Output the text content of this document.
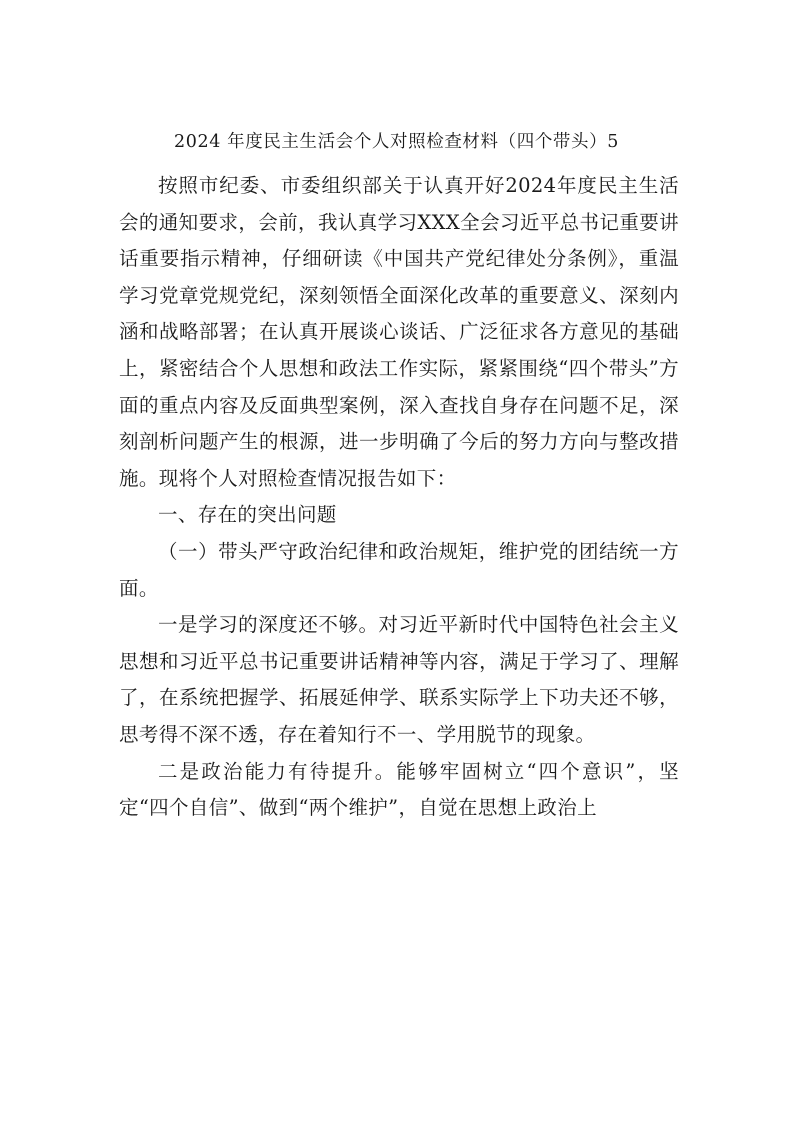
2024 年度民主生活会个人对照检查材料（四个带头）5

按照市纪委、市委组织部关于认真开好2024年度民主生活会的通知要求，会前，我认真学习XXX全会习近平总书记重要讲话重要指示精神，仔细研读《中国共产党纪律处分条例》，重温学习党章党规党纪，深刻领悟全面深化改革的重要意义、深刻内涵和战略部署；在认真开展谈心谈话、广泛征求各方意见的基础上，紧密结合个人思想和政法工作实际，紧紧围绕“四个带头”方面的重点内容及反面典型案例，深入查找自身存在问题不足，深刻剖析问题产生的根源，进一步明确了今后的努力方向与整改措施。现将个人对照检查情况报告如下：

一、存在的突出问题

（一）带头严守政治纪律和政治规矩，维护党的团结统一方面。

一是学习的深度还不够。对习近平新时代中国特色社会主义思想和习近平总书记重要讲话精神等内容，满足于学习了、理解了，在系统把握学、拓展延伸学、联系实际学上下功夫还不够，思考得不深不透，存在着知行不一、学用脱节的现象。

二是政治能力有待提升。能够牢固树立“四个意识”，坚定“四个自信”、做到“两个维护”，自觉在思想上政治上
